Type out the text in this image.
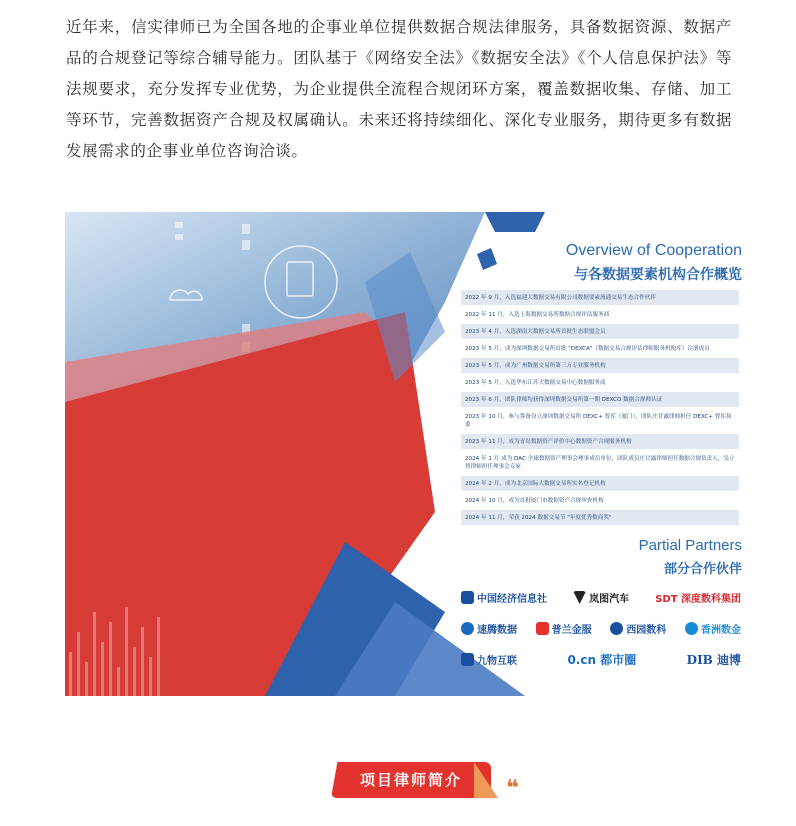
近年来，信实律师已为全国各地的企事业单位提供数据合规法律服务，具备数据资源、数据产品的合规登记等综合辅导能力。团队基于《网络安全法》《数据安全法》《个人信息保护法》等法规要求，充分发挥专业优势，为企业提供全流程合规闭环方案，覆盖数据收集、存储、加工等环节，完善数据资产合规及权属确认。未来还将持续细化、深化专业服务，期待更多有数据发展需求的企事业单位咨询洽谈。
Overview of Cooperation
与各数据要素机构合作概览
2022 年 9 月，入选福建大数据交易有限公司数据要素流通交易生态合作伙伴
2022 年 11 月，入选上海数据交易所数据合规评估服务商
2023 年 4 月，入选湖南大数据交易所首批生态联盟会员
2023 年 5 月，成为深圳数据交易所首批 "DEXCA"（数据交易合规评估律师服务机构库）注册成员
2023 年 5 月，成为广州数据交易所第三方专业服务机构
2023 年 5 月，入选华东江苏大数据交易中心数据服务商
2023 年 6 月，团队律师均获得深圳数据交易所第一期 DEXCO 数据合规师认证
2023 年 10 月，参与筹备设立深圳数据交易所 DEXC+ 智库（厦门），团队庄甘露律师担任 DEXC+ 智库执委
2023 年 11 月，成为青岛数据资产评价中心数据资产合规服务机构
2024 年 1 月 成为 DAC 全球数据资产理事会理事成员单位，团队成员庄甘露律师担任数据合规负责人，吴立智律师担任理事会专家
2024 年 2 月，成为北京国际大数据交易所实名登记机构
2024 年 10 月，成为首批厦门市数据资产合规审查机构
2024 年 11 月，荣获 2024 数据交易节 "年度优秀数商奖"
Partial Partners
部分合作伙伴
中国经济信息社	岚图汽车	SDT 深度数科集团
速腾数据	普兰金服	西园数科	香洲数金
九物互联	0.cn 都市圈	DIB 迪博
项目律师简介	❝
